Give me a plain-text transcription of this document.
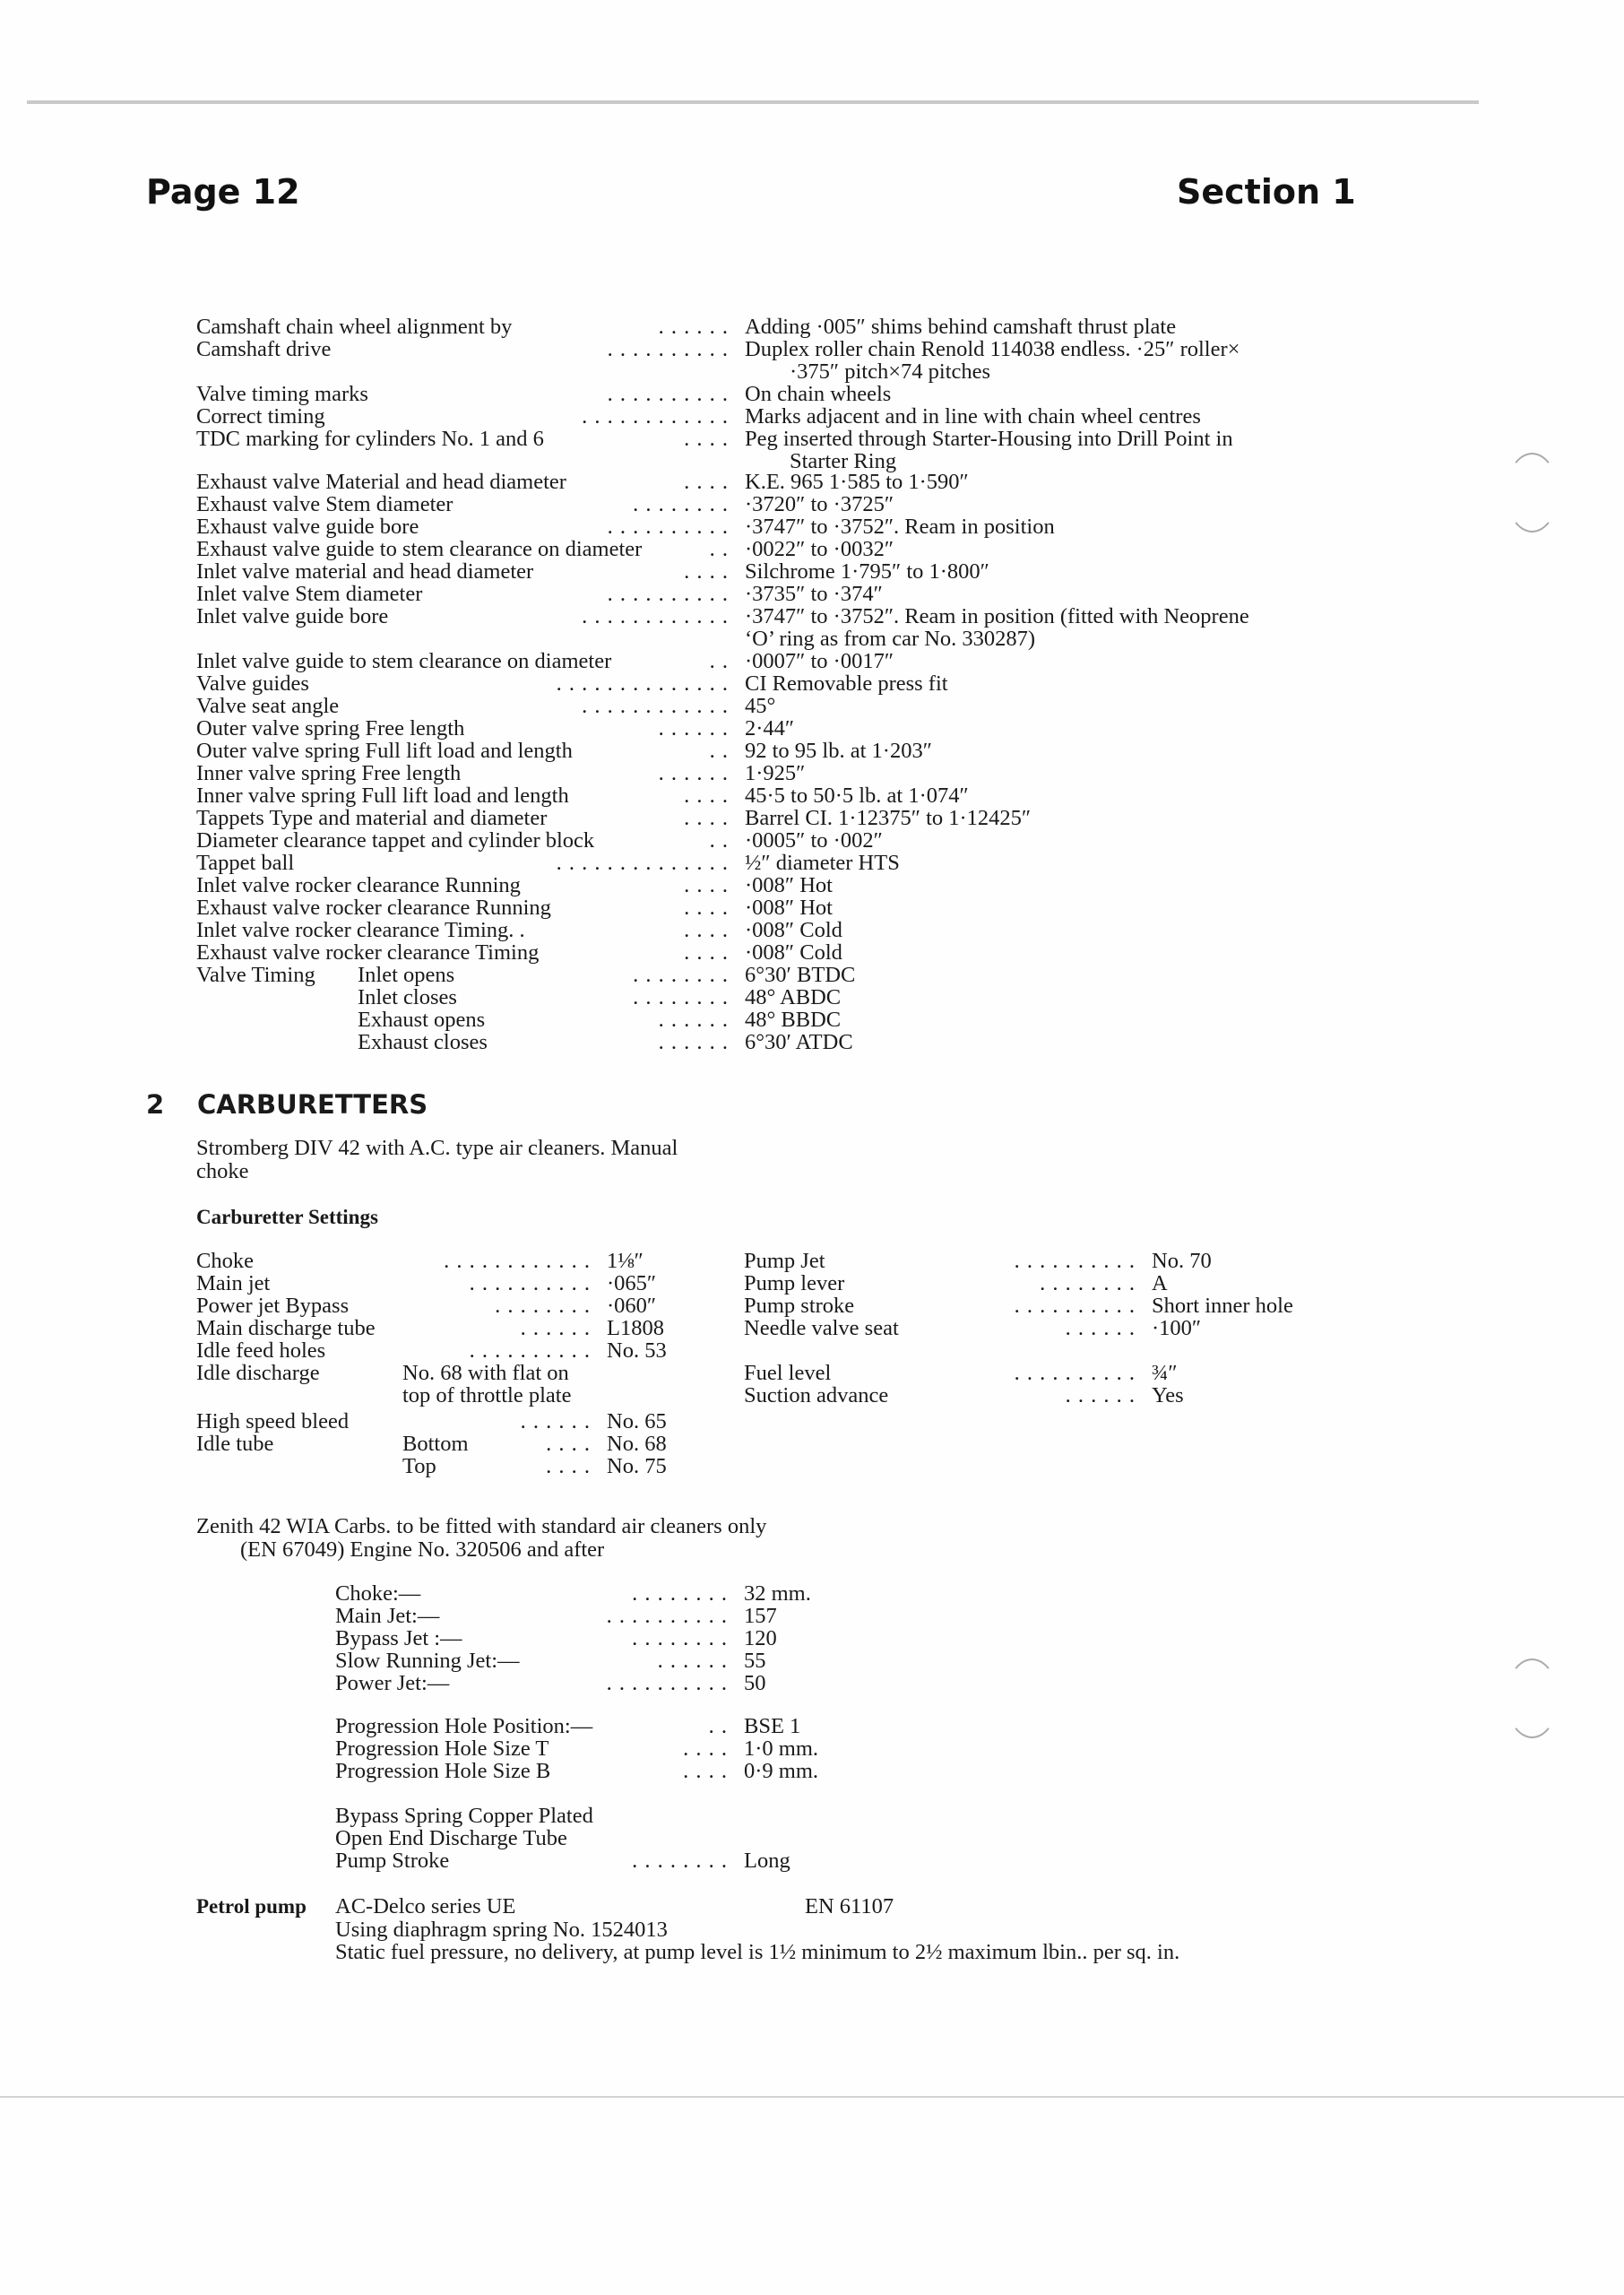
Page 12	Section 1
Camshaft chain wheel alignment by	. . . . . . Adding ·005″ shims behind camshaft thrust plate
Camshaft drive	. . . . . . . . . . Duplex roller chain Renold 114038 endless. ·25″ roller×
·375″ pitch×74 pitches
Valve timing marks	. . . . . . . . . . On chain wheels
Correct timing	. . . . . . . . . . . . Marks adjacent and in line with chain wheel centres
TDC marking for cylinders No. 1 and 6	. . . . Peg inserted through Starter-Housing into Drill Point in
Starter Ring
Exhaust valve Material and head diameter	. . . . K.E. 965 1·585 to 1·590″
Exhaust valve Stem diameter	. . . . . . . . ·3720″ to ·3725″
Exhaust valve guide bore	. . . . . . . . . . ·3747″ to ·3752″. Ream in position
Exhaust valve guide to stem clearance on diameter	. . ·0022″ to ·0032″
Inlet valve material and head diameter	. . . . Silchrome 1·795″ to 1·800″
Inlet valve Stem diameter	. . . . . . . . . . ·3735″ to ·374″
Inlet valve guide bore	. . . . . . . . . . . . ·3747″ to ·3752″. Ream in position (fitted with Neoprene
‘O’ ring as from car No. 330287)
Inlet valve guide to stem clearance on diameter	. . ·0007″ to ·0017″
Valve guides	. . . . . . . . . . . . . . CI Removable press fit
Valve seat angle	. . . . . . . . . . . . 45°
Outer valve spring Free length	. . . . . . 2·44″
Outer valve spring Full lift load and length	. . 92 to 95 lb. at 1·203″
Inner valve spring Free length	. . . . . . 1·925″
Inner valve spring Full lift load and length	. . . . 45·5 to 50·5 lb. at 1·074″
Tappets Type and material and diameter	. . . . Barrel CI. 1·12375″ to 1·12425″
Diameter clearance tappet and cylinder block	. . ·0005″ to ·002″
Tappet ball	. . . . . . . . . . . . . . ½″ diameter HTS
Inlet valve rocker clearance Running	. . . . ·008″ Hot
Exhaust valve rocker clearance Running	. . . . ·008″ Hot
Inlet valve rocker clearance Timing. .	. . . . ·008″ Cold
Exhaust valve rocker clearance Timing	. . . . ·008″ Cold
Valve Timing Inlet opens	. . . . . . . . 6°30′ BTDC
Inlet closes	. . . . . . . . 48° ABDC
Exhaust opens	. . . . . . 48° BBDC
Exhaust closes	. . . . . . 6°30′ ATDC
2 CARBURETTERS
Stromberg DIV 42 with A.C. type air cleaners. Manual
choke
Carburetter Settings
Choke	. . . . . . . . . . . . 1⅛″
Main jet	. . . . . . . . . . ·065″
Power jet Bypass	. . . . . . . . ·060″
Main discharge tube	. . . . . . L1808
Idle feed holes	. . . . . . . . . . No. 53
Idle discharge	No. 68 with flat on
top of throttle plate
High speed bleed	. . . . . . No. 65
Idle tube	Bottom	. . . . No. 68
Top	. . . . No. 75
Pump Jet	. . . . . . . . . . No. 70
Pump lever	. . . . . . . . A
Pump stroke	. . . . . . . . . . Short inner hole
Needle valve seat	. . . . . . ·100″
Fuel level	. . . . . . . . . . ¾″
Suction advance	. . . . . . Yes
Zenith 42 WIA Carbs. to be fitted with standard air cleaners only
(EN 67049) Engine No. 320506 and after
Choke:—	. . . . . . . . 32 mm.
Main Jet:—	. . . . . . . . . . 157
Bypass Jet :—	. . . . . . . . 120
Slow Running Jet:—	. . . . . . 55
Power Jet:—	. . . . . . . . . . 50
Progression Hole Position:—	. . BSE 1
Progression Hole Size T	. . . . 1·0 mm.
Progression Hole Size B	. . . . 0·9 mm.
Bypass Spring Copper Plated
Open End Discharge Tube
Pump Stroke	. . . . . . . . Long
Petrol pump AC-Delco series UE	EN 61107
Using diaphragm spring No. 1524013
Static fuel pressure, no delivery, at pump level is 1½ minimum to 2½ maximum lbin.. per sq. in.
